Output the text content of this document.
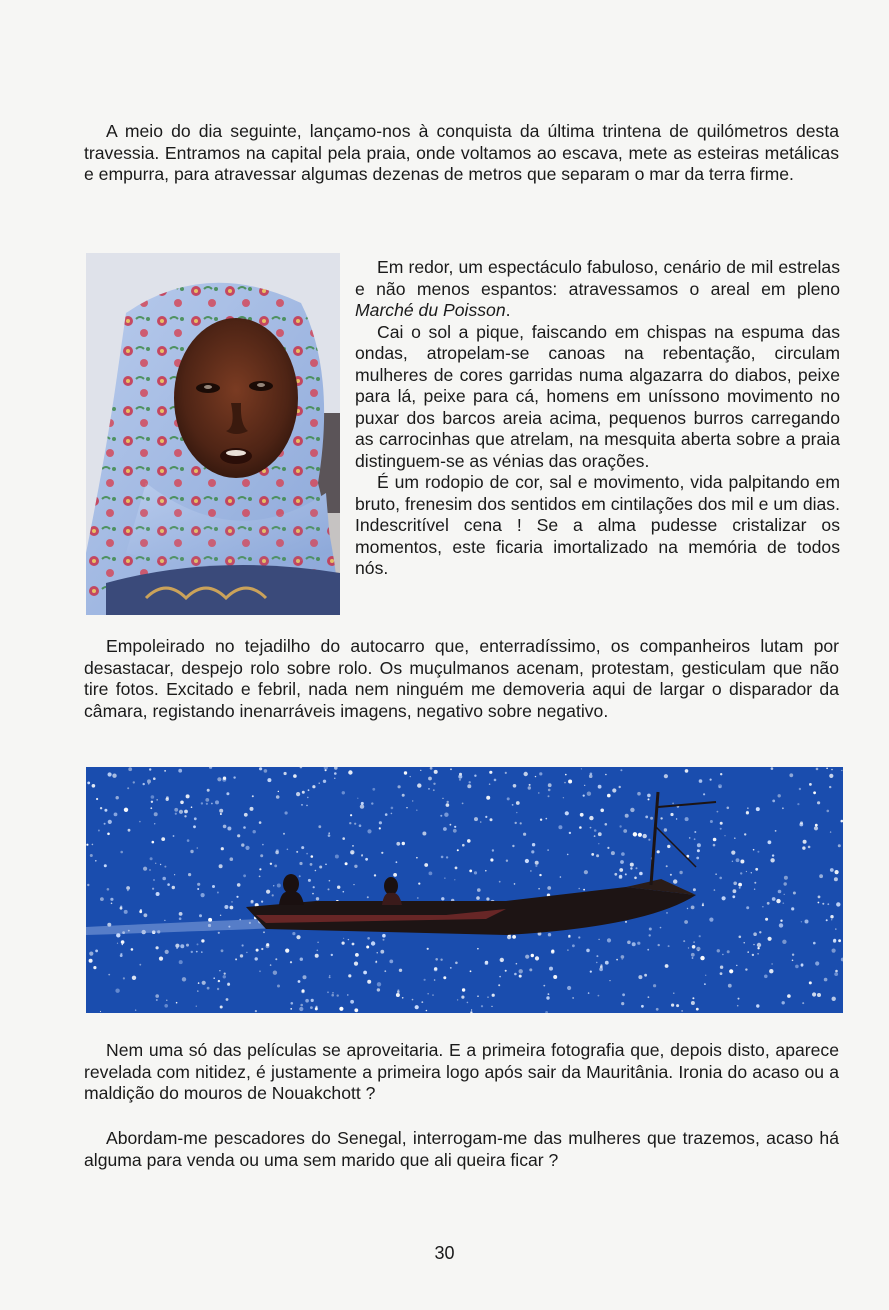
A meio do dia seguinte, lançamo-nos à conquista da última trintena de quilómetros desta travessia. Entramos na capital pela praia, onde voltamos ao escava, mete as esteiras metálicas e empurra, para atravessar algumas dezenas de metros que separam o mar da terra firme.

Em redor, um espectáculo fabuloso, cenário de mil estrelas e não menos espantos: atravessamos o areal em pleno Marché du Poisson.

Cai o sol a pique, faiscando em chispas na espuma das ondas, atropelam-se canoas na rebentação, circulam mulheres de cores garridas numa algazarra do diabos, peixe para lá, peixe para cá, homens em uníssono movimento no puxar dos barcos areia acima, pequenos burros carregando as carrocinhas que atrelam, na mesquita aberta sobre a praia distinguem-se as vénias das orações.

É um rodopio de cor, sal e movimento, vida palpitando em bruto, frenesim dos sentidos em cintilações dos mil e um dias. Indescritível cena ! Se a alma pudesse cristalizar os momentos, este ficaria imortalizado na memória de todos nós.

Empoleirado no tejadilho do autocarro que, enterradíssimo, os companheiros lutam por desastacar, despejo rolo sobre rolo. Os muçulmanos acenam, protestam, gesticulam que não tire fotos. Excitado e febril, nada nem ninguém me demoveria aqui de largar o disparador da câmara, registando inenarráveis imagens, negativo sobre negativo.
Nem uma só das películas se aproveitaria. E a primeira fotografia que, depois disto, aparece revelada com nitidez, é justamente a primeira logo após sair da Mauritânia. Ironia do acaso ou a maldição do mouros de Nouakchott ?
Abordam-me pescadores do Senegal, interrogam-me das mulheres que trazemos, acaso há alguma para venda ou uma sem marido que ali queira ficar ?
30
